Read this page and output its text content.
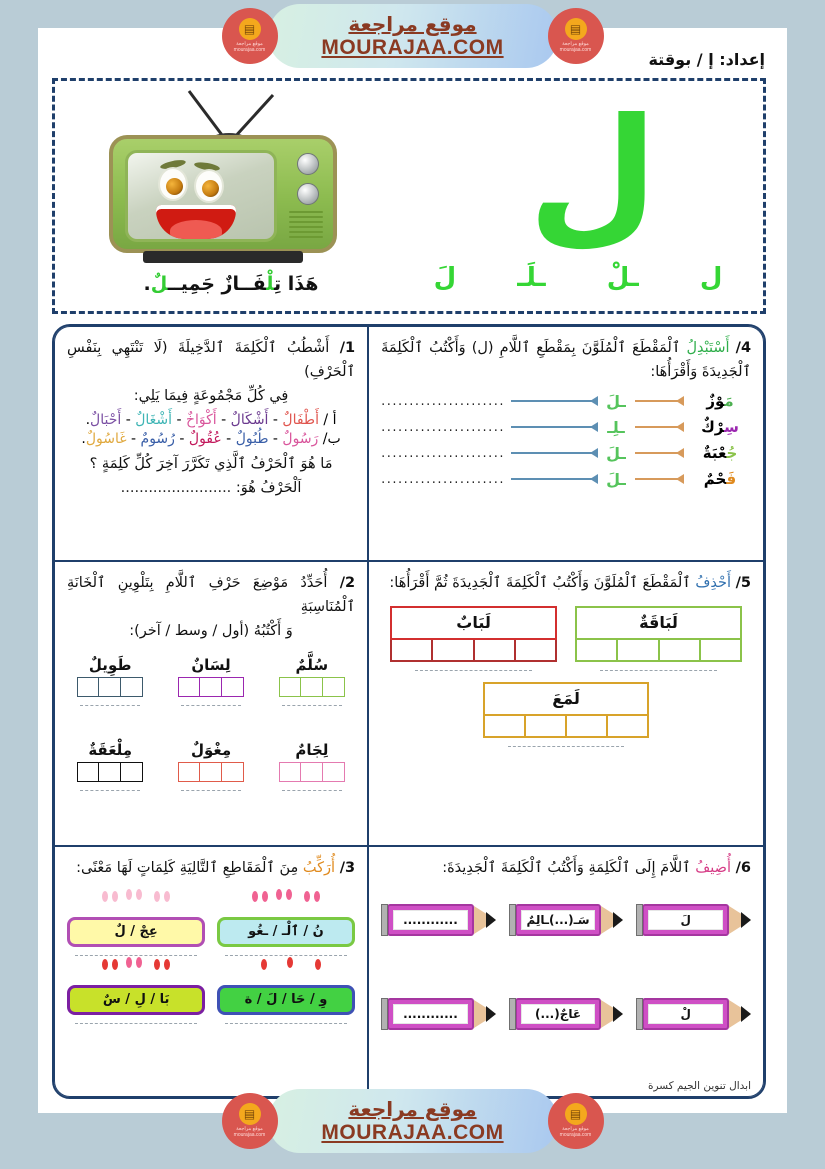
إعداد: إ / بوقتة
هَذَا تِلْفَــازٌ جَمِيــلٌ.
ل
ل
ـلْ
ـلَـ
لَ
4/ أَسْتَبْدِلُ ٱلْمَقْطَعَ ٱلْمُلَوَّنَ بِمَقْطَعِ ٱللَّامِ (ل) وَأَكْتُبُ ٱلْكَلِمَةَ ٱلْجَدِيدَةَ وَأَقْرَأُهَا:
مَوْزٌ
ـلَ
......................
سِرْكٌ
ـلِـ
......................
جُعْبَةٌ
ـلَ
......................
فَحْمٌ
ـلَ
......................
1/ أَشْطُبُ ٱلْكَلِمَةَ ٱلدَّخِيلَةَ (لَا تَنْتَهِي بِنَفْسِ ٱلْحَرْفِ)
فِي كُلِّ مَجْمُوعَةٍ فِيمَا يَلِي:
أ / أَطْفَالٌ - أَشْكَالٌ - أَكْوَاخٌ - أَشْغَالٌ - أَحْبَالٌ.
ب/ رَسُولٌ - طُبُولٌ - عُقُولٌ - رُسُومٌ - غَاسُولٌ.
مَا هُوَ ٱلْحَرْفُ ٱلَّذِي تَكَرَّرَ آخِرَ كُلِّ كَلِمَةٍ ؟
اَلْحَرْفُ هُوَ: ........................
5/ أَحْذِفُ ٱلْمَقْطَعَ ٱلْمُلَوَّنَ وَأَكْتُبُ ٱلْكَلِمَةَ ٱلْجَدِيدَةَ ثُمَّ أَقْرَأُهَا:
لَبَاقَةٌ
لَبَابٌ
لَمَعَ
2/ أُحَدِّدُ مَوْضِعَ حَرْفِ ٱللَّامِ بِتَلْوِينِ ٱلْخَانَةِ ٱلْمُنَاسِبَةِ
وَ أَكْتُبُهُ (أول / وسط / آخر):
سُلَّمٌ
لِسَانٌ
طَوِيلٌ
لِجَامٌ
مِغْوَلٌ
مِلْعَقَةٌ
6/ أُضِيفُ ٱللَّامَ إِلَى ٱلْكَلِمَةِ وَأَكْتُبُ ٱلْكَلِمَةَ ٱلْجَدِيدَةَ:
لَ
سَـ(...)ـالِمٌ
............
لْ
عَاجٌ(...)
............
ابدال تنوين الجيم كسرة
3/ أُرَكِّبُ مِنَ ٱلْمَقَاطِعِ ٱلتَّالِيَةِ كَلِمَاتٍ لَهَا مَعْنًى:
نُ / ٱلْـ / ـغُو
عِجْ / لٌ
وِ / حَا / لَ / ة
بَا / لِ / سٌ
▤
موقع مراجعة
mourajaa.com
موقع مراجعة
MOURAJAA.COM
▤
موقع مراجعة
mourajaa.com
▤
موقع مراجعة
mourajaa.com
موقع مراجعة
MOURAJAA.COM
▤
موقع مراجعة
mourajaa.com
